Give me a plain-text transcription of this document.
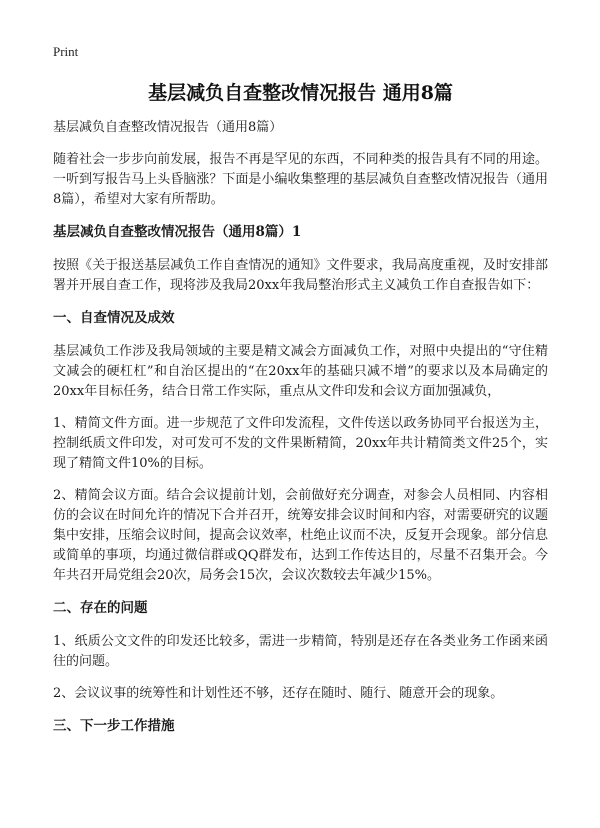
Print
基层减负自查整改情况报告 通用8篇
基层减负自查整改情况报告（通用8篇）
随着社会一步步向前发展，报告不再是罕见的东西，不同种类的报告具有不同的用途。一听到写报告马上头昏脑涨？下面是小编收集整理的基层减负自查整改情况报告（通用8篇），希望对大家有所帮助。
基层减负自查整改情况报告（通用8篇）1
按照《关于报送基层减负工作自查情况的通知》文件要求，我局高度重视，及时安排部署并开展自查工作，现将涉及我局20xx年我局整治形式主义减负工作自查报告如下：
一、自查情况及成效
基层减负工作涉及我局领域的主要是精文减会方面减负工作，对照中央提出的“守住精文减会的硬杠杠”和自治区提出的“在20xx年的基础只减不增”的要求以及本局确定的20xx年目标任务，结合日常工作实际，重点从文件印发和会议方面加强减负，
1、精简文件方面。进一步规范了文件印发流程，文件传送以政务协同平台报送为主，控制纸质文件印发，对可发可不发的文件果断精简，20xx年共计精简类文件25个，实现了精简文件10%的目标。
2、精简会议方面。结合会议提前计划，会前做好充分调查，对参会人员相同、内容相仿的会议在时间允许的情况下合并召开，统筹安排会议时间和内容，对需要研究的议题集中安排，压缩会议时间，提高会议效率，杜绝止议而不决，反复开会现象。部分信息或简单的事项，均通过微信群或QQ群发布，达到工作传达目的，尽量不召集开会。今年共召开局党组会20次，局务会15次，会议次数较去年减少15%。
二、存在的问题
1、纸质公文文件的印发还比较多，需进一步精简，特别是还存在各类业务工作函来函往的问题。
2、会议议事的统筹性和计划性还不够，还存在随时、随行、随意开会的现象。
三、下一步工作措施
